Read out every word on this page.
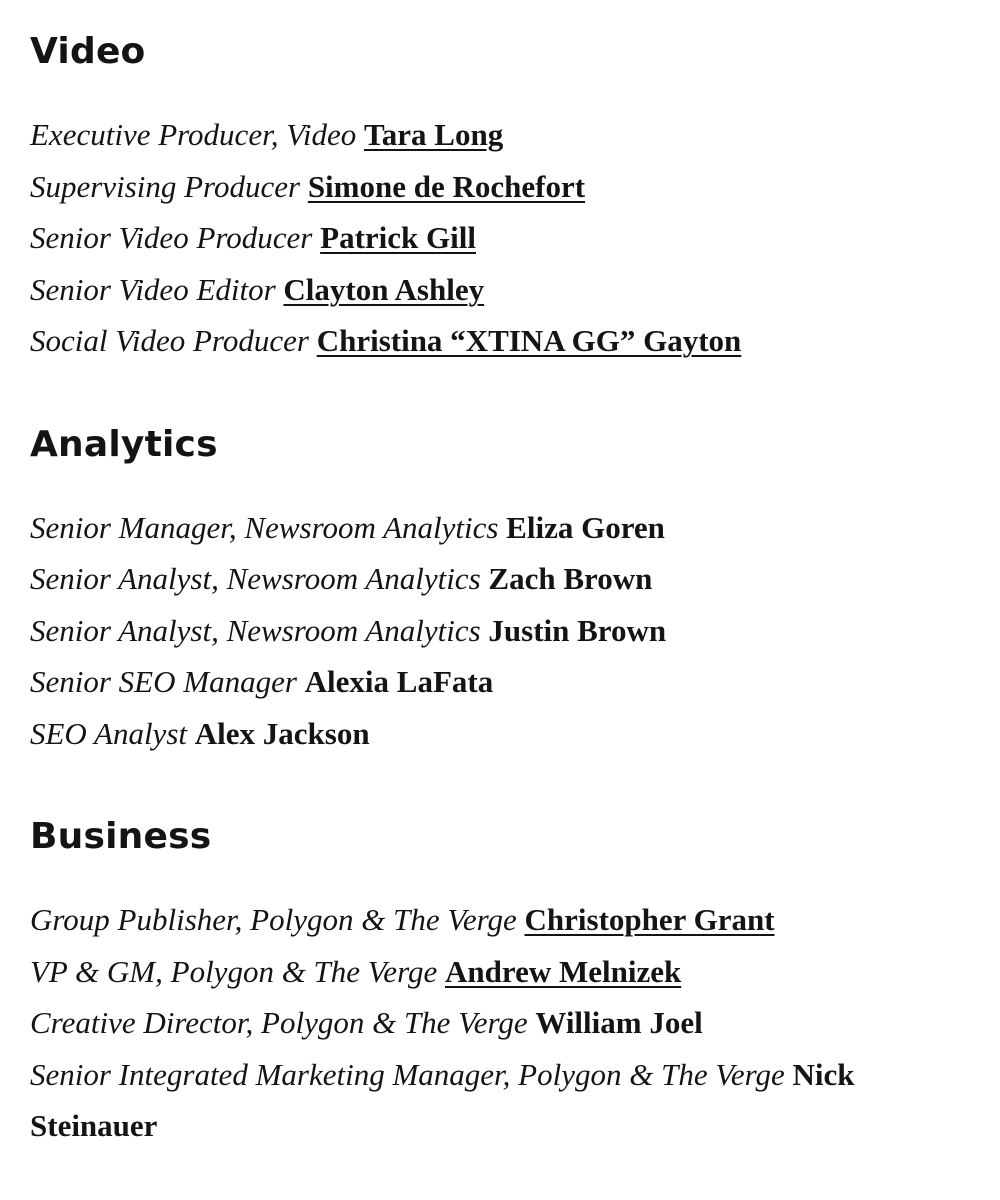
Video

Executive Producer, Video Tara Long

Supervising Producer Simone de Rochefort

Senior Video Producer Patrick Gill

Senior Video Editor Clayton Ashley

Social Video Producer Christina “XTINA GG” Gayton

Analytics

Senior Manager, Newsroom Analytics Eliza Goren

Senior Analyst, Newsroom Analytics Zach Brown

Senior Analyst, Newsroom Analytics Justin Brown

Senior SEO Manager Alexia LaFata

SEO Analyst Alex Jackson

Business

Group Publisher, Polygon & The Verge Christopher Grant

VP & GM, Polygon & The Verge Andrew Melnizek

Creative Director, Polygon & The Verge William Joel

Senior Integrated Marketing Manager, Polygon & The Verge Nick Steinauer
